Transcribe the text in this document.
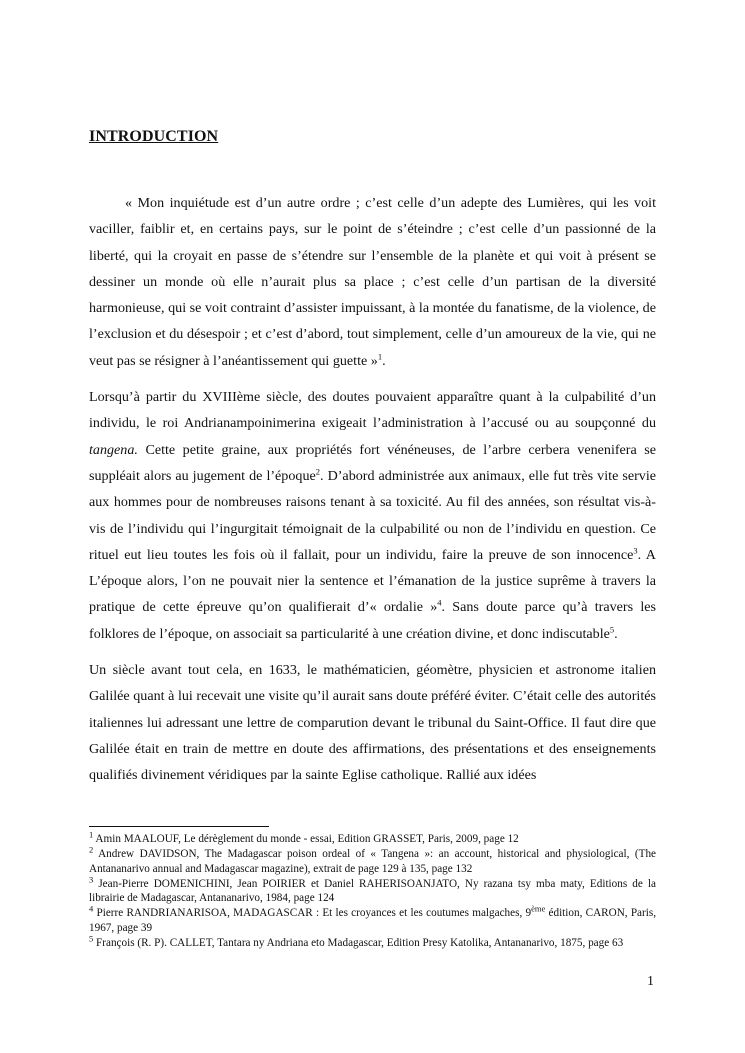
INTRODUCTION

« Mon inquiétude est d’un autre ordre ; c’est celle d’un adepte des Lumières, qui les voit vaciller, faiblir et, en certains pays, sur le point de s’éteindre ; c’est celle d’un passionné de la liberté, qui la croyait en passe de s’étendre sur l’ensemble de la planète et qui voit à présent se dessiner un monde où elle n’aurait plus sa place ; c’est celle d’un partisan de la diversité harmonieuse, qui se voit contraint d’assister impuissant, à la montée du fanatisme, de la violence, de l’exclusion et du désespoir ; et c’est d’abord, tout simplement, celle d’un amoureux de la vie, qui ne veut pas se résigner à l’anéantissement qui guette »$^1$.

Lorsqu’à partir du XVIIIème siècle, des doutes pouvaient apparaître quant à la culpabilité d’un individu, le roi Andrianampoinimerina exigeait l’administration à l’accusé ou au soupçonné du tangena. Cette petite graine, aux propriétés fort vénéneuses, de l’arbre cerbera venenifera se suppléait alors au jugement de l’époque$^2$. D’abord administrée aux animaux, elle fut très vite servie aux hommes pour de nombreuses raisons tenant à sa toxicité. Au fil des années, son résultat vis-à-vis de l’individu qui l’ingurgitait témoignait de la culpabilité ou non de l’individu en question. Ce rituel eut lieu toutes les fois où il fallait, pour un individu, faire la preuve de son innocence$^3$. A L’époque alors, l’on ne pouvait nier la sentence et l’émanation de la justice suprême à travers la pratique de cette épreuve qu’on qualifierait d’« ordalie »$^4$. Sans doute parce qu’à travers les folklores de l’époque, on associait sa particularité à une création divine, et donc indiscutable$^5$.

Un siècle avant tout cela, en 1633, le mathématicien, géomètre, physicien et astronome italien Galilée quant à lui recevait une visite qu’il aurait sans doute préféré éviter. C’était celle des autorités italiennes lui adressant une lettre de comparution devant le tribunal du Saint-Office. Il faut dire que Galilée était en train de mettre en doute des affirmations, des présentations et des enseignements qualifiés divinement véridiques par la sainte Eglise catholique. Rallié aux idées

$^1$ Amin MAALOUF, Le dérèglement du monde - essai, Edition GRASSET, Paris, 2009, page 12

$^2$ Andrew DAVIDSON, The Madagascar poison ordeal of « Tangena »: an account, historical and physiological, (The Antananarivo annual and Madagascar magazine), extrait de page 129 à 135, page 132

$^3$ Jean-Pierre DOMENICHINI, Jean POIRIER et Daniel RAHERISOANJATO, Ny razana tsy mba maty, Editions de la librairie de Madagascar, Antananarivo, 1984, page 124

$^4$ Pierre RANDRIANARISOA, MADAGASCAR : Et les croyances et les coutumes malgaches, 9ème édition, CARON, Paris, 1967, page 39

$^5$ François (R. P). CALLET, Tantara ny Andriana eto Madagascar, Edition Presy Katolika, Antananarivo, 1875, page 63

1
